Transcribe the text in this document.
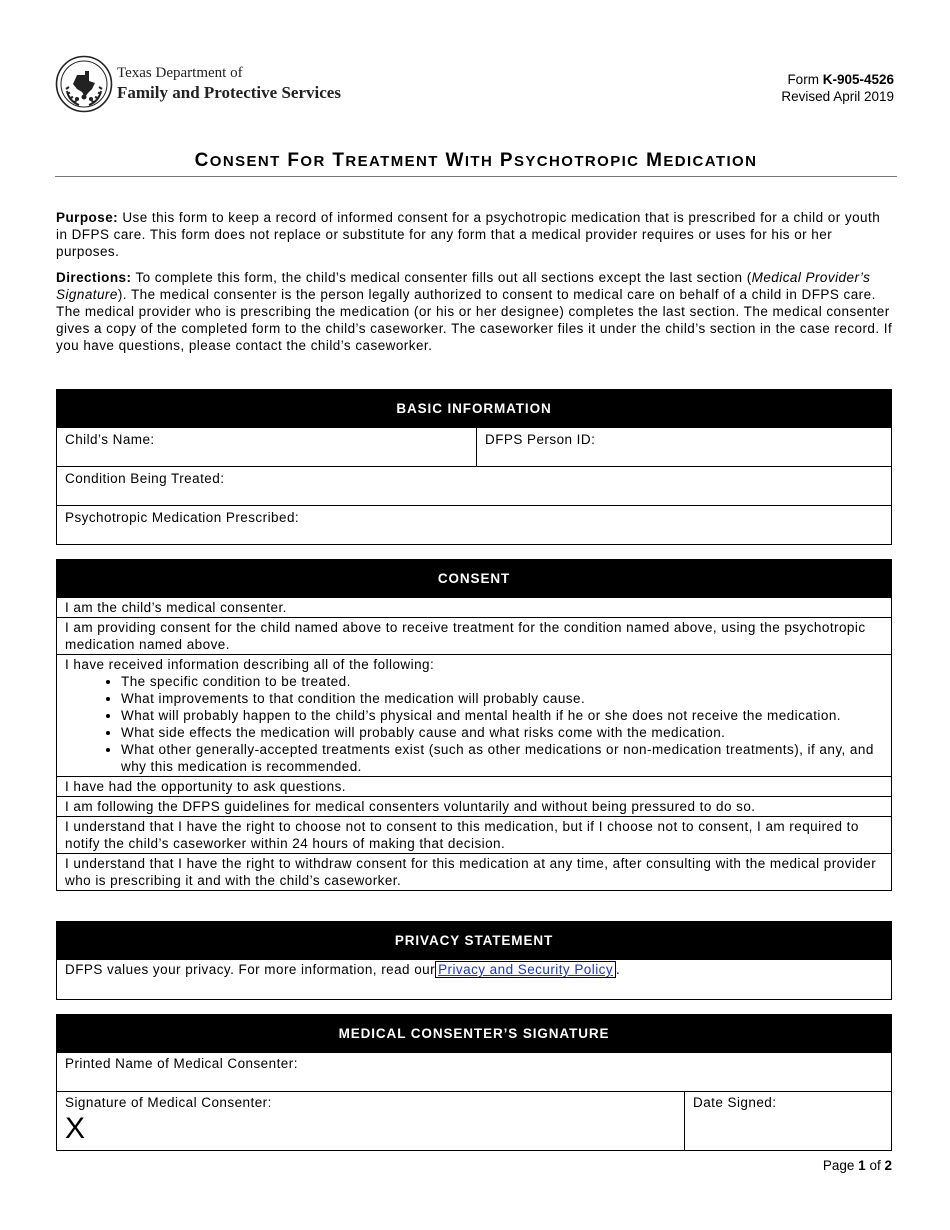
Texas Department of
Family and Protective Services
Form K-905-4526
Revised April 2019
CONSENT FOR TREATMENT WITH PSYCHOTROPIC MEDICATION
Purpose: Use this form to keep a record of informed consent for a psychotropic medication that is prescribed for a child or youth in DFPS care. This form does not replace or substitute for any form that a medical provider requires or uses for his or her purposes.
Directions: To complete this form, the child’s medical consenter fills out all sections except the last section (Medical Provider’s Signature). The medical consenter is the person legally authorized to consent to medical care on behalf of a child in DFPS care. The medical provider who is prescribing the medication (or his or her designee) completes the last section. The medical consenter gives a copy of the completed form to the child’s caseworker. The caseworker files it under the child’s section in the case record. If you have questions, please contact the child’s caseworker.
BASIC INFORMATION
Child’s Name:	DFPS Person ID:
Condition Being Treated:
Psychotropic Medication Prescribed:
CONSENT
I am the child’s medical consenter.
I am providing consent for the child named above to receive treatment for the condition named above, using the psychotropic medication named above.
I have received information describing all of the following:
• The specific condition to be treated.
• What improvements to that condition the medication will probably cause.
• What will probably happen to the child’s physical and mental health if he or she does not receive the medication.
• What side effects the medication will probably cause and what risks come with the medication.
• What other generally-accepted treatments exist (such as other medications or non-medication treatments), if any, and why this medication is recommended.
I have had the opportunity to ask questions.
I am following the DFPS guidelines for medical consenters voluntarily and without being pressured to do so.
I understand that I have the right to choose not to consent to this medication, but if I choose not to consent, I am required to notify the child’s caseworker within 24 hours of making that decision.
I understand that I have the right to withdraw consent for this medication at any time, after consulting with the medical provider who is prescribing it and with the child’s caseworker.
PRIVACY STATEMENT
DFPS values your privacy. For more information, read our Privacy and Security Policy .
MEDICAL CONSENTER’S SIGNATURE
Printed Name of Medical Consenter:
Signature of Medical Consenter:
X
Date Signed:
Page 1 of 2
